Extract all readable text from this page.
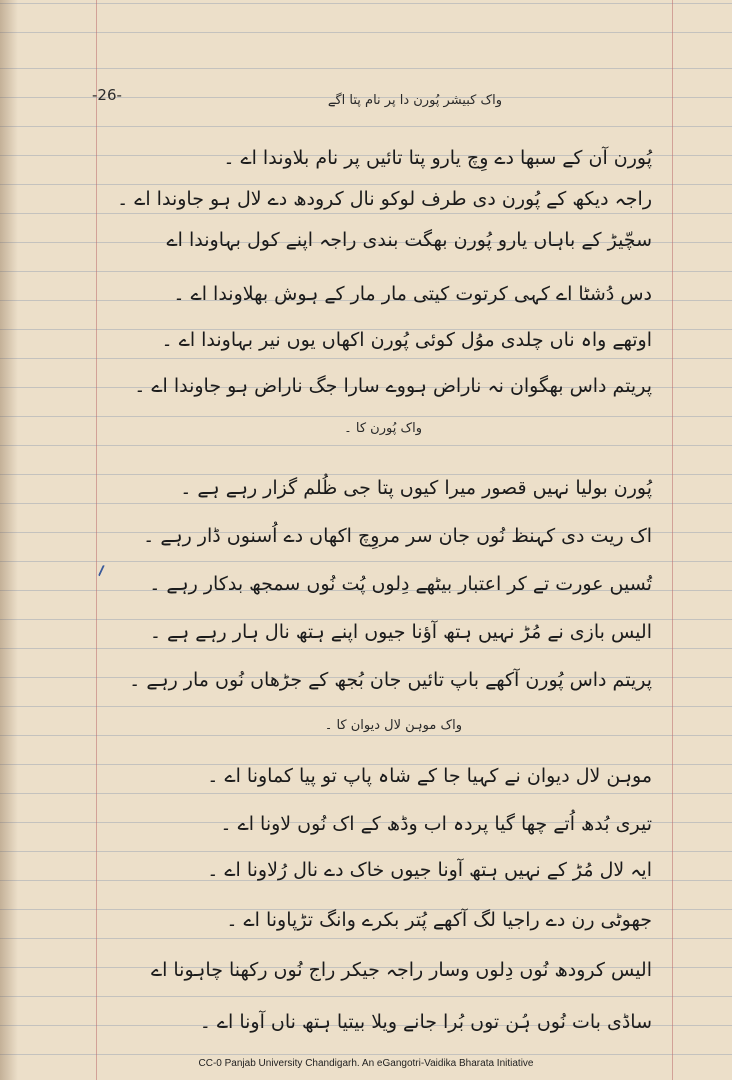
-26-	واک کبیشر پُورن دا پر نام پتا اگے
پُورن آن کے سبھا دے وِچ یارو پتا تائیں پر نام بلاوندا اے ۔
راجہ دیکھ کے پُورن دی طرف لوکو نال کرودھ دے لال ہو جاوندا اے ۔
سچّیڑ کے باہاں یارو پُورن بھگت بندی راجہ اپنے کول بہاوندا اے
دس دُشٹا اے کہی کرتوت کیتی مار مار کے ہوش بھلاوندا اے ۔
اوتھے واہ ناں چلدی موُل کوئی پُورن اکھاں یوں نیر بہاوندا اے ۔
پریتم داس بھگوان نہ ناراض ہووے سارا جگ ناراض ہو جاوندا اے ۔
واک پُورن کا ۔
پُورن بولیا نہیں قصور میرا کیوں پتا جی ظُلم گزار رہے ہے ۔
اک ریت دی کہنظ نُوں جان سر مروِچ اکھاں دے اُسنوں ڈار رہے ۔
تُسیں عورت تے کر اعتبار بیٹھے دِلوں پُت نُوں سمجھ بدکار رہے ۔
الیس بازی نے مُڑ نہیں ہتھ آؤنا جیوں اپنے ہتھ نال ہار رہے ہے ۔
پریتم داس پُورن آکھے باپ تائیں جان بُجھ کے جڑھاں نُوں مار رہے ۔
واک موہن لال دیوان کا ۔
موہن لال دیوان نے کہیا جا کے شاہ پاپ تو پیا کماونا اے ۔
تیری بُدھ اُتے چھا گیا پردہ اب وڈھ کے اک نُوں لاونا اے ۔
ایہ لال مُڑ کے نہیں ہتھ آونا جیوں خاک دے نال رُلاونا اے ۔
جھوٹی رن دے راجیا لگ آکھے پُتر بکرے وانگ تڑپاونا اے ۔
الیس کرودھ نُوں دِلوں وسار راجہ جیکر راج نُوں رکھنا چاہونا اے
ساڈی بات نُوں ہُن توں بُرا جانے ویلا بیتیا ہتھ ناں آونا اے ۔
CC-0 Panjab University Chandigarh. An eGangotri-Vaidika Bharata Initiative
